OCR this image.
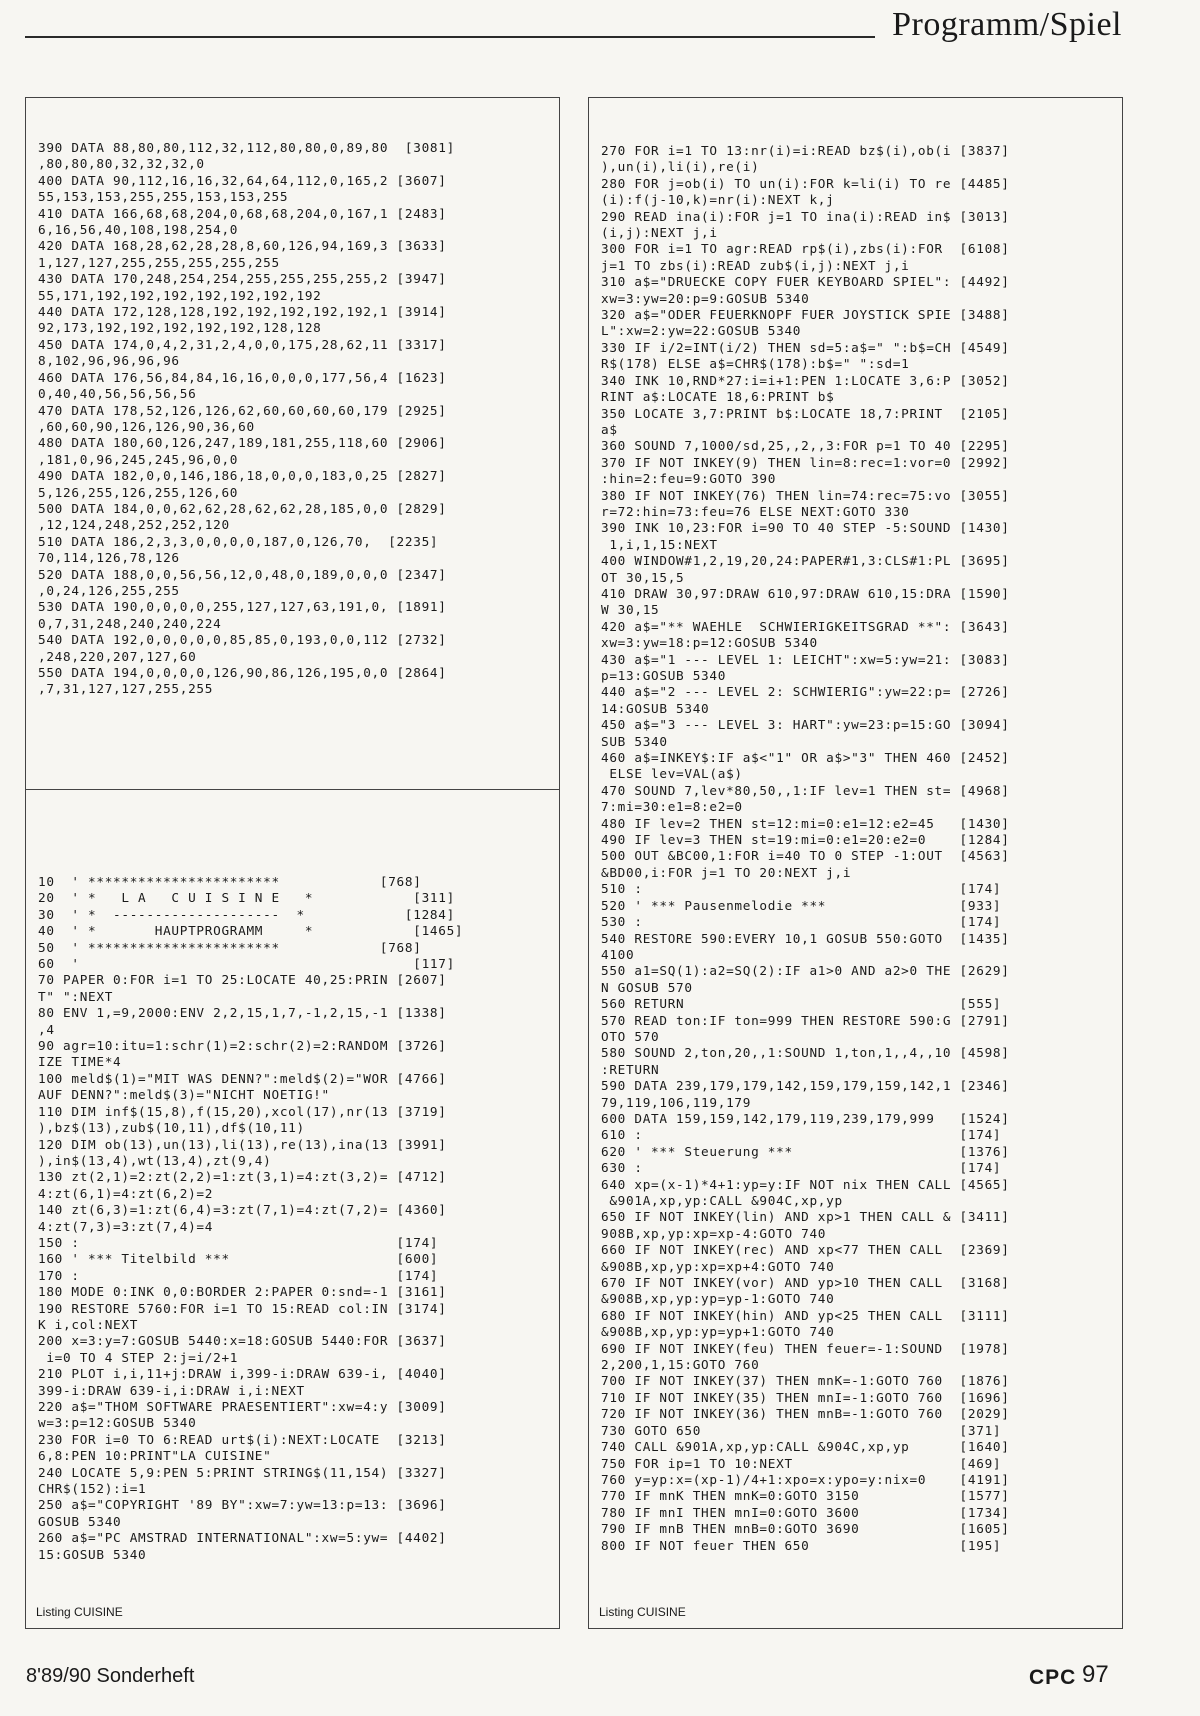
Programm/Spiel
390 DATA 88,80,80,112,32,112,80,80,0,89,80  [3081]
,80,80,80,32,32,32,0
400 DATA 90,112,16,16,32,64,64,112,0,165,2 [3607]
55,153,153,255,255,153,153,255
410 DATA 166,68,68,204,0,68,68,204,0,167,1 [2483]
6,16,56,40,108,198,254,0
420 DATA 168,28,62,28,28,8,60,126,94,169,3 [3633]
1,127,127,255,255,255,255,255
430 DATA 170,248,254,254,255,255,255,255,2 [3947]
55,171,192,192,192,192,192,192,192
440 DATA 172,128,128,192,192,192,192,192,1 [3914]
92,173,192,192,192,192,192,128,128
450 DATA 174,0,4,2,31,2,4,0,0,175,28,62,11 [3317]
8,102,96,96,96,96
460 DATA 176,56,84,84,16,16,0,0,0,177,56,4 [1623]
0,40,40,56,56,56,56
470 DATA 178,52,126,126,62,60,60,60,60,179 [2925]
,60,60,90,126,126,90,36,60
480 DATA 180,60,126,247,189,181,255,118,60 [2906]
,181,0,96,245,245,96,0,0
490 DATA 182,0,0,146,186,18,0,0,0,183,0,25 [2827]
5,126,255,126,255,126,60
500 DATA 184,0,0,62,62,28,62,62,28,185,0,0 [2829]
,12,124,248,252,252,120
510 DATA 186,2,3,3,0,0,0,0,187,0,126,70,  [2235]
70,114,126,78,126
520 DATA 188,0,0,56,56,12,0,48,0,189,0,0,0 [2347]
,0,24,126,255,255
530 DATA 190,0,0,0,0,255,127,127,63,191,0, [1891]
0,7,31,248,240,240,224
540 DATA 192,0,0,0,0,0,85,85,0,193,0,0,112 [2732]
,248,220,207,127,60
550 DATA 194,0,0,0,0,126,90,86,126,195,0,0 [2864]
,7,31,127,127,255,255
10  ' ***********************            [768]
20  ' *   L A   C U I S I N E   *            [311]
30  ' *  --------------------  *            [1284]
40  ' *       HAUPTPROGRAMM     *            [1465]
50  ' ***********************            [768]
60  '                                        [117]
70 PAPER 0:FOR i=1 TO 25:LOCATE 40,25:PRIN [2607]
T" ":NEXT
80 ENV 1,=9,2000:ENV 2,2,15,1,7,-1,2,15,-1 [1338]
,4
90 agr=10:itu=1:schr(1)=2:schr(2)=2:RANDOM [3726]
IZE TIME*4
100 meld$(1)="MIT WAS DENN?":meld$(2)="WOR [4766]
AUF DENN?":meld$(3)="NICHT NOETIG!"
110 DIM inf$(15,8),f(15,20),xcol(17),nr(13 [3719]
),bz$(13),zub$(10,11),df$(10,11)
120 DIM ob(13),un(13),li(13),re(13),ina(13 [3991]
),in$(13,4),wt(13,4),zt(9,4)
130 zt(2,1)=2:zt(2,2)=1:zt(3,1)=4:zt(3,2)= [4712]
4:zt(6,1)=4:zt(6,2)=2
140 zt(6,3)=1:zt(6,4)=3:zt(7,1)=4:zt(7,2)= [4360]
4:zt(7,3)=3:zt(7,4)=4
150 :                                      [174]
160 ' *** Titelbild ***                    [600]
170 :                                      [174]
180 MODE 0:INK 0,0:BORDER 2:PAPER 0:snd=-1 [3161]
190 RESTORE 5760:FOR i=1 TO 15:READ col:IN [3174]
K i,col:NEXT
200 x=3:y=7:GOSUB 5440:x=18:GOSUB 5440:FOR [3637]
i=0 TO 4 STEP 2:j=i/2+1
210 PLOT i,i,11+j:DRAW i,399-i:DRAW 639-i, [4040]
399-i:DRAW 639-i,i:DRAW i,i:NEXT
220 a$="THOM SOFTWARE PRAESENTIERT":xw=4:y [3009]
w=3:p=12:GOSUB 5340
230 FOR i=0 TO 6:READ urt$(i):NEXT:LOCATE  [3213]
6,8:PEN 10:PRINT"LA CUISINE"
240 LOCATE 5,9:PEN 5:PRINT STRING$(11,154) [3327]
CHR$(152):i=1
250 a$="COPYRIGHT '89 BY":xw=7:yw=13:p=13: [3696]
GOSUB 5340
260 a$="PC AMSTRAD INTERNATIONAL":xw=5:yw= [4402]
15:GOSUB 5340
Listing CUISINE
270 FOR i=1 TO 13:nr(i)=i:READ bz$(i),ob(i [3837]
),un(i),li(i),re(i)
280 FOR j=ob(i) TO un(i):FOR k=li(i) TO re [4485]
(i):f(j-10,k)=nr(i):NEXT k,j
290 READ ina(i):FOR j=1 TO ina(i):READ in$ [3013]
(i,j):NEXT j,i
300 FOR i=1 TO agr:READ rp$(i),zbs(i):FOR  [6108]
j=1 TO zbs(i):READ zub$(i,j):NEXT j,i
310 a$="DRUECKE COPY FUER KEYBOARD SPIEL": [4492]
xw=3:yw=20:p=9:GOSUB 5340
320 a$="ODER FEUERKNOPF FUER JOYSTICK SPIE [3488]
L":xw=2:yw=22:GOSUB 5340
330 IF i/2=INT(i/2) THEN sd=5:a$=" ":b$=CH [4549]
R$(178) ELSE a$=CHR$(178):b$=" ":sd=1
340 INK 10,RND*27:i=i+1:PEN 1:LOCATE 3,6:P [3052]
RINT a$:LOCATE 18,6:PRINT b$
350 LOCATE 3,7:PRINT b$:LOCATE 18,7:PRINT  [2105]
a$
360 SOUND 7,1000/sd,25,,2,,3:FOR p=1 TO 40 [2295]
370 IF NOT INKEY(9) THEN lin=8:rec=1:vor=0 [2992]
:hin=2:feu=9:GOTO 390
380 IF NOT INKEY(76) THEN lin=74:rec=75:vo [3055]
r=72:hin=73:feu=76 ELSE NEXT:GOTO 330
390 INK 10,23:FOR i=90 TO 40 STEP -5:SOUND [1430]
1,i,1,15:NEXT
400 WINDOW#1,2,19,20,24:PAPER#1,3:CLS#1:PL [3695]
OT 30,15,5
410 DRAW 30,97:DRAW 610,97:DRAW 610,15:DRA [1590]
W 30,15
420 a$="** WAEHLE  SCHWIERIGKEITSGRAD **": [3643]
xw=3:yw=18:p=12:GOSUB 5340
430 a$="1 --- LEVEL 1: LEICHT":xw=5:yw=21: [3083]
p=13:GOSUB 5340
440 a$="2 --- LEVEL 2: SCHWIERIG":yw=22:p= [2726]
14:GOSUB 5340
450 a$="3 --- LEVEL 3: HART":yw=23:p=15:GO [3094]
SUB 5340
460 a$=INKEY$:IF a$<"1" OR a$>"3" THEN 460 [2452]
ELSE lev=VAL(a$)
470 SOUND 7,lev*80,50,,1:IF lev=1 THEN st= [4968]
7:mi=30:e1=8:e2=0
480 IF lev=2 THEN st=12:mi=0:e1=12:e2=45   [1430]
490 IF lev=3 THEN st=19:mi=0:e1=20:e2=0    [1284]
500 OUT &BC00,1:FOR i=40 TO 0 STEP -1:OUT  [4563]
&BD00,i:FOR j=1 TO 20:NEXT j,i
510 :                                      [174]
520 ' *** Pausenmelodie ***                [933]
530 :                                      [174]
540 RESTORE 590:EVERY 10,1 GOSUB 550:GOTO  [1435]
4100
550 a1=SQ(1):a2=SQ(2):IF a1>0 AND a2>0 THE [2629]
N GOSUB 570
560 RETURN                                 [555]
570 READ ton:IF ton=999 THEN RESTORE 590:G [2791]
OTO 570
580 SOUND 2,ton,20,,1:SOUND 1,ton,1,,4,,10 [4598]
:RETURN
590 DATA 239,179,179,142,159,179,159,142,1 [2346]
79,119,106,119,179
600 DATA 159,159,142,179,119,239,179,999   [1524]
610 :                                      [174]
620 ' *** Steuerung ***                    [1376]
630 :                                      [174]
640 xp=(x-1)*4+1:yp=y:IF NOT nix THEN CALL [4565]
&901A,xp,yp:CALL &904C,xp,yp
650 IF NOT INKEY(lin) AND xp>1 THEN CALL & [3411]
908B,xp,yp:xp=xp-4:GOTO 740
660 IF NOT INKEY(rec) AND xp<77 THEN CALL  [2369]
&908B,xp,yp:xp=xp+4:GOTO 740
670 IF NOT INKEY(vor) AND yp>10 THEN CALL  [3168]
&908B,xp,yp:yp=yp-1:GOTO 740
680 IF NOT INKEY(hin) AND yp<25 THEN CALL  [3111]
&908B,xp,yp:yp=yp+1:GOTO 740
690 IF NOT INKEY(feu) THEN feuer=-1:SOUND  [1978]
2,200,1,15:GOTO 760
700 IF NOT INKEY(37) THEN mnK=-1:GOTO 760  [1876]
710 IF NOT INKEY(35) THEN mnI=-1:GOTO 760  [1696]
720 IF NOT INKEY(36) THEN mnB=-1:GOTO 760  [2029]
730 GOTO 650                               [371]
740 CALL &901A,xp,yp:CALL &904C,xp,yp      [1640]
750 FOR ip=1 TO 10:NEXT                    [469]
760 y=yp:x=(xp-1)/4+1:xpo=x:ypo=y:nix=0    [4191]
770 IF mnK THEN mnK=0:GOTO 3150            [1577]
780 IF mnI THEN mnI=0:GOTO 3600            [1734]
790 IF mnB THEN mnB=0:GOTO 3690            [1605]
800 IF NOT feuer THEN 650                  [195]
Listing CUISINE
8'89/90 Sonderheft	CPC 97
